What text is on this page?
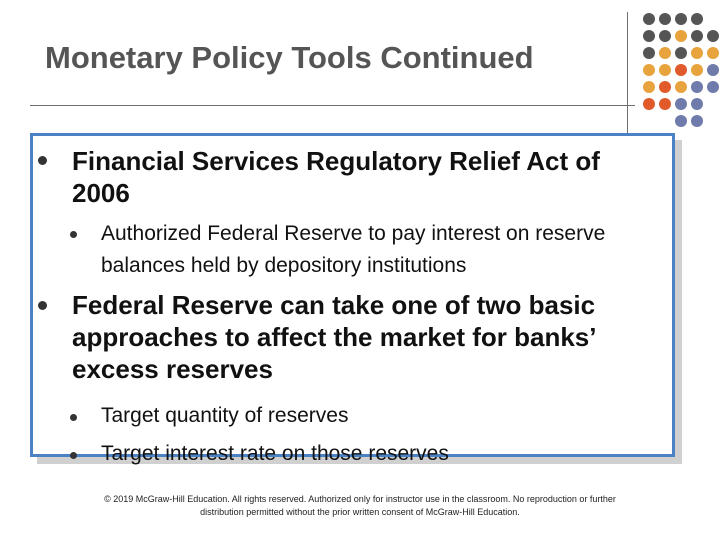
Monetary Policy Tools Continued
Financial Services Regulatory Relief Act of 2006
Authorized Federal Reserve to pay interest on reserve balances held by depository institutions
Federal Reserve can take one of two basic approaches to affect the market for banks’ excess reserves
Target quantity of reserves
Target interest rate on those reserves
© 2019 McGraw-Hill Education. All rights reserved. Authorized only for instructor use in the classroom. No reproduction or further distribution permitted without the prior written consent of McGraw-Hill Education.
